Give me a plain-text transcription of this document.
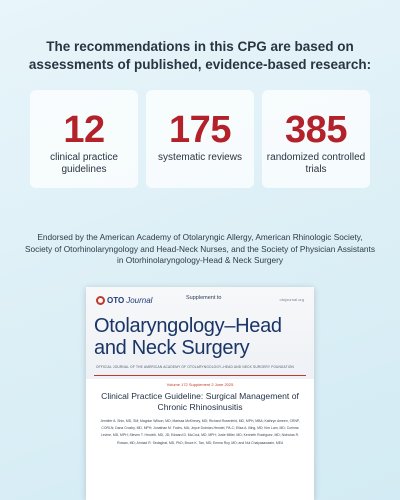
The recommendations in this CPG are based on assessments of published, evidence-based research:
12
clinical practice guidelines
175
systematic reviews
385
randomized controlled trials
Endorsed by the American Academy of Otolaryngic Allergy, American Rhinologic Society, Society of Otorhinolaryngology and Head-Neck Nurses, and the Society of Physician Assistants in Otorhinolaryngology-Head & Neck Surgery
OTO Journal	otojournal.org
Supplement to
Otolaryngology–Head and Neck Surgery
OFFICIAL JOURNAL OF THE AMERICAN ACADEMY OF OTOLARYNGOLOGY–HEAD AND NECK SURGERY FOUNDATION
Volume 172 Supplement 2 June 2025
Clinical Practice Guideline: Surgical Management of Chronic Rhinosinusitis
Jennifer A. Shin, MD, SM; Magdon Wilson, MD; Marissa McKinney, MD; Richard Rosenfeld, MD, MPH, MBA; Kathryn Ameen, CRNP, CORLN; Dana Crosby, MD, MPH; Jonathan M. Fuchs, MA; Joyce Dobrian-Hendel, PA-C; Elisa A. Illing, MD; Kim Lam, MD; Corinna Levine, MD, MPH; Steven T. Hrncirik, MD, JD; Edward D. McCoul, MD, MPH; Josie Miller, MD; Kenneth Rodriguez, MD; Nicholas R. Rowan, MD; Ahmad R. Sedaghat, MD, PhD; Bruce K. Tan, MD; Emma Roy, MD; and Nui Chaiyasawasin, MEd
